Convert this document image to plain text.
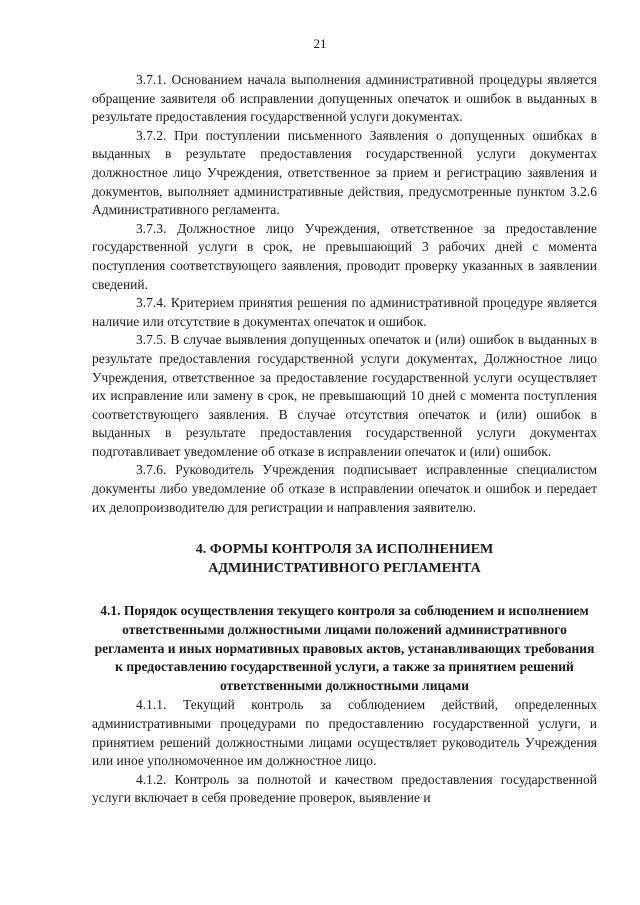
21

3.7.1. Основанием начала выполнения административной процедуры является обращение заявителя об исправлении допущенных опечаток и ошибок в выданных в результате предоставления государственной услуги документах.

3.7.2. При поступлении письменного Заявления о допущенных ошибках в выданных в результате предоставления государственной услуги документах должностное лицо Учреждения, ответственное за прием и регистрацию заявления и документов, выполняет административные действия, предусмотренные пунктом 3.2.6 Административного регламента.

3.7.3. Должностное лицо Учреждения, ответственное за предоставление государственной услуги в срок, не превышающий 3 рабочих дней с момента поступления соответствующего заявления, проводит проверку указанных в заявлении сведений.

3.7.4. Критерием принятия решения по административной процедуре является наличие или отсутствие в документах опечаток и ошибок.

3.7.5. В случае выявления допущенных опечаток и (или) ошибок в выданных в результате предоставления государственной услуги документах, Должностное лицо Учреждения, ответственное за предоставление государственной услуги осуществляет их исправление или замену в срок, не превышающий 10 дней с момента поступления соответствующего заявления. В случае отсутствия опечаток и (или) ошибок в выданных в результате предоставления государственной услуги документах подготавливает уведомление об отказе в исправлении опечаток и (или) ошибок.

3.7.6. Руководитель Учреждения подписывает исправленные специалистом документы либо уведомление об отказе в исправлении опечаток и ошибок и передает их делопроизводителю для регистрации и направления заявителю.

4. ФОРМЫ КОНТРОЛЯ ЗА ИСПОЛНЕНИЕМ
АДМИНИСТРАТИВНОГО РЕГЛАМЕНТА

4.1. Порядок осуществления текущего контроля за соблюдением и исполнением ответственными должностными лицами положений административного регламента и иных нормативных правовых актов, устанавливающих требования к предоставлению государственной услуги, а также за принятием решений ответственными должностными лицами

4.1.1. Текущий контроль за соблюдением действий, определенных административными процедурами по предоставлению государственной услуги, и принятием решений должностными лицами осуществляет руководитель Учреждения или иное уполномоченное им должностное лицо.

4.1.2. Контроль за полнотой и качеством предоставления государственной услуги включает в себя проведение проверок, выявление и
